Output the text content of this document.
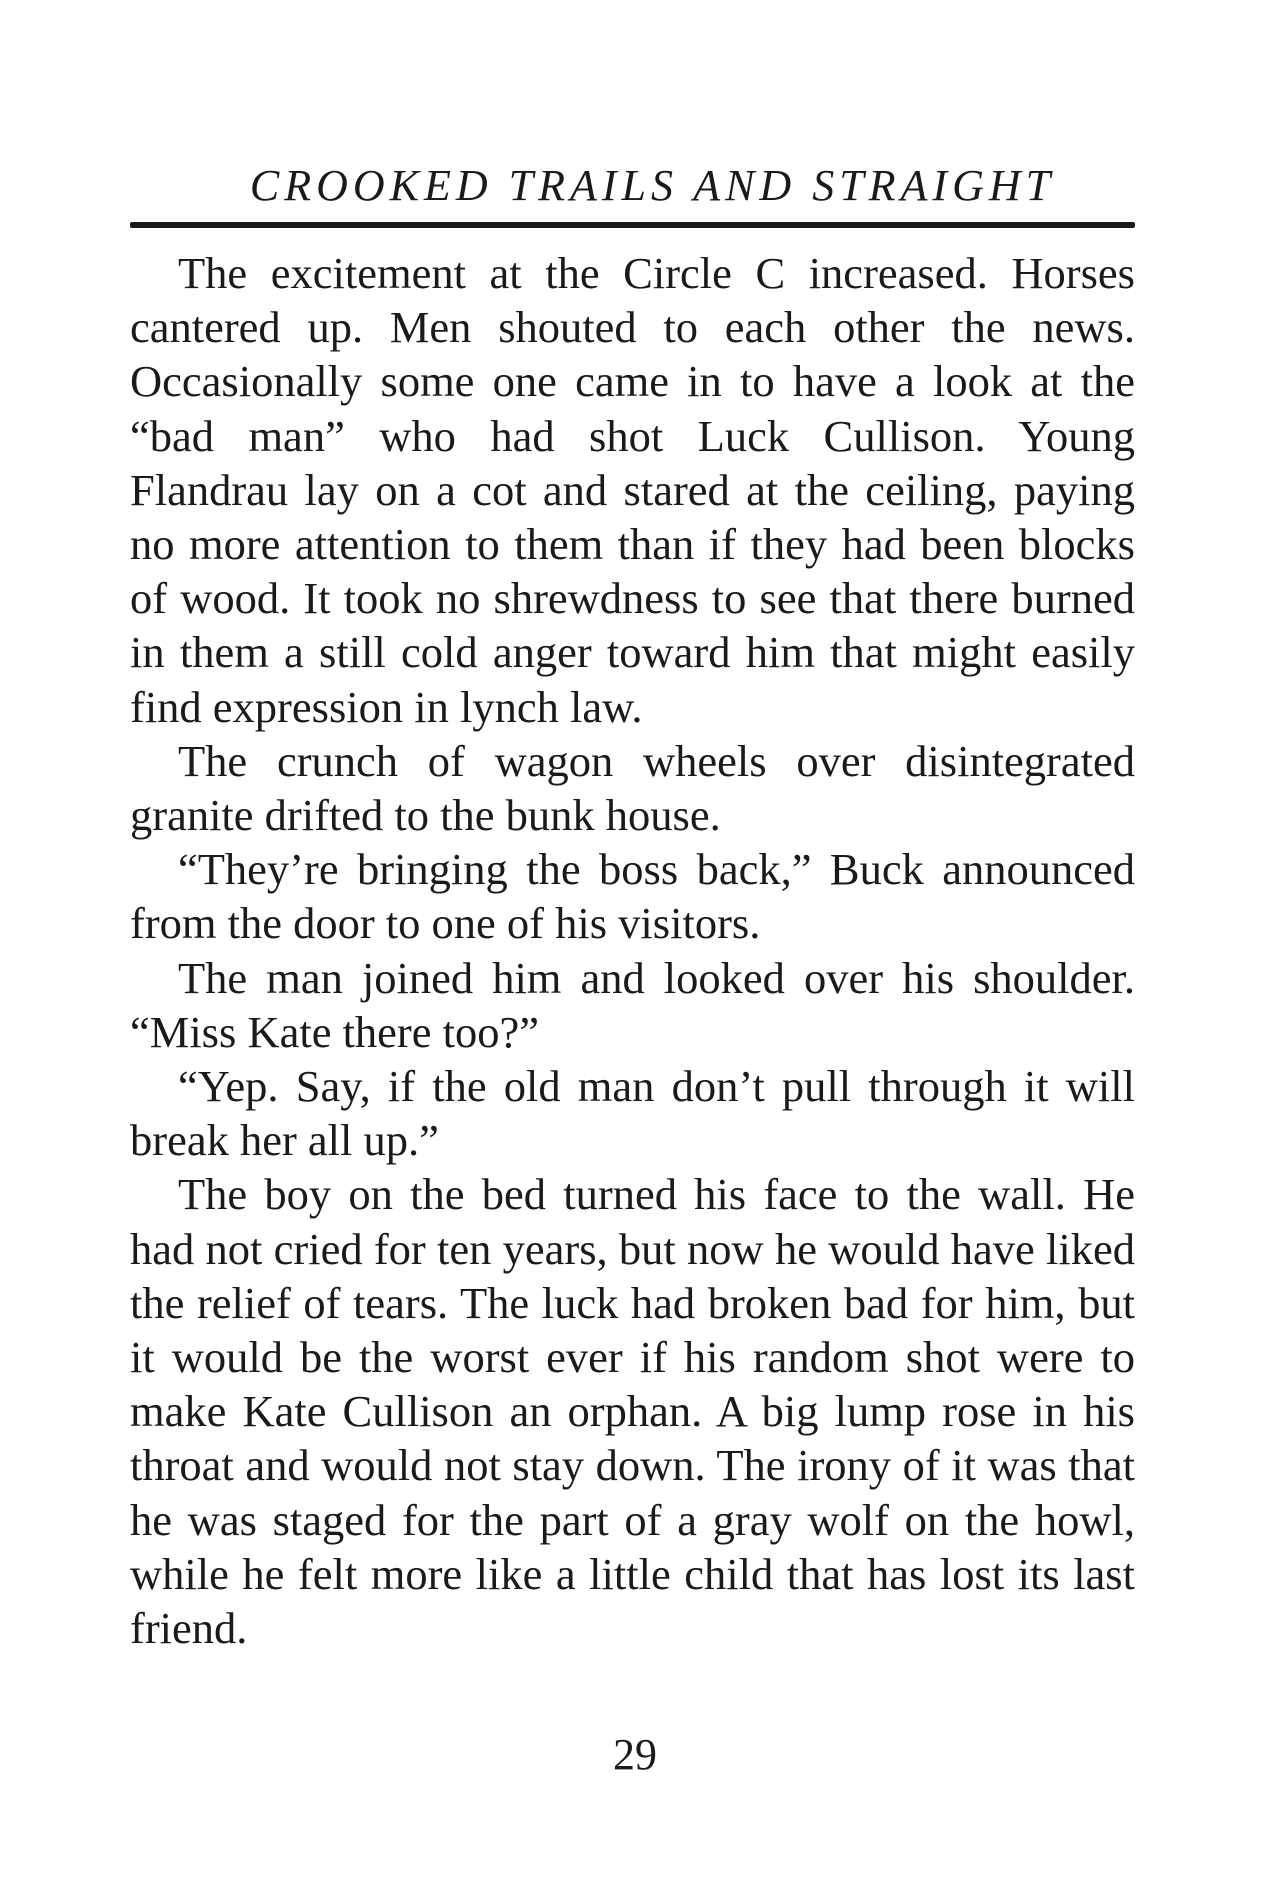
CROOKED TRAILS AND STRAIGHT

The excitement at the Circle C increased. Horses cantered up. Men shouted to each other the news. Occasionally some one came in to have a look at the “bad man” who had shot Luck Cullison. Young Flandrau lay on a cot and stared at the ceiling, paying no more attention to them than if they had been blocks of wood. It took no shrewdness to see that there burned in them a still cold anger toward him that might easily find expression in lynch law.

The crunch of wagon wheels over disintegrated granite drifted to the bunk house.

“They’re bringing the boss back,” Buck announced from the door to one of his visitors.

The man joined him and looked over his shoulder. “Miss Kate there too?”

“Yep. Say, if the old man don’t pull through it will break her all up.”

The boy on the bed turned his face to the wall. He had not cried for ten years, but now he would have liked the relief of tears. The luck had broken bad for him, but it would be the worst ever if his random shot were to make Kate Cullison an orphan. A big lump rose in his throat and would not stay down. The irony of it was that he was staged for the part of a gray wolf on the howl, while he felt more like a little child that has lost its last friend.

29
